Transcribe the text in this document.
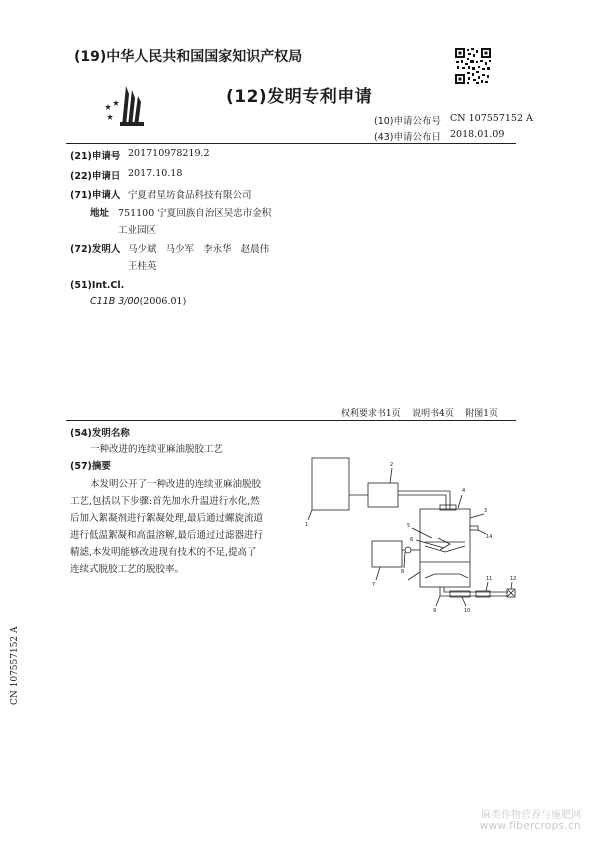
(19)中华人民共和国国家知识产权局
(12)发明专利申请
(10)申请公布号 CN 107557152 A
(43)申请公布日 2018.01.09
(21)申请号 201710978219.2
(22)申请日 2017.10.18
(71)申请人 宁夏君星坊食品科技有限公司
地址 751100 宁夏回族自治区吴忠市金积
工业园区
(72)发明人 马少斌   马少军   李永华   赵晨伟
王桂英
(51)Int.Cl.
C11B 3/00(2006.01)
权利要求书1页    说明书4页    附图1页
(54)发明名称
一种改进的连续亚麻油脱胶工艺
(57)摘要
本发明公开了一种改进的连续亚麻油脱胶
工艺,包括以下步骤:首先加水升温进行水化,然
后加入絮凝剂进行絮凝处理,最后通过螺旋流道
进行低温絮凝和高温溶解,最后通过过滤器进行
精滤,本发明能够改进现有技术的不足,提高了
连续式脱胶工艺的脱胶率。
1
2
3
4
5
6
7
8
9	10
11	12
14
CN 107557152 A
麻类作物营养与施肥网
www.fibercrops.cn
